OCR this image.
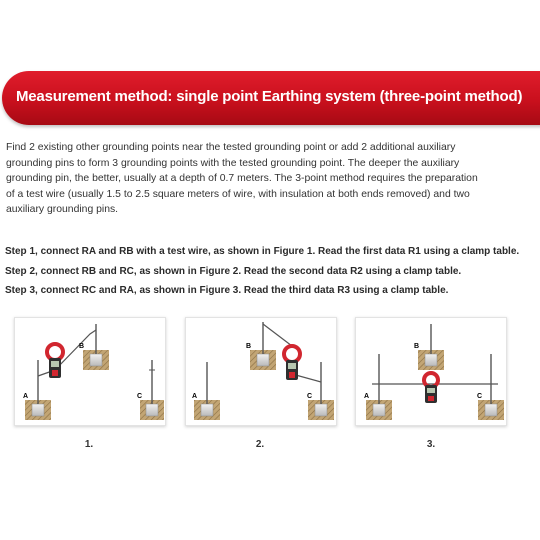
Measurement method: single point Earthing system (three-point method)
Find 2 existing other grounding points near the tested grounding point or add 2 additional auxiliary
grounding pins to form 3 grounding points with the tested grounding point. The deeper the auxiliary
grounding pin, the better, usually at a depth of 0.7 meters. The 3-point method requires the preparation
of a test wire (usually 1.5 to 2.5 square meters of wire, with insulation at both ends removed) and two
auxiliary grounding pins.
Step 1, connect RA and RB with a test wire, as shown in Figure 1. Read the first data R1 using a clamp table.
Step 2, connect RB and RC, as shown in Figure 2. Read the second data R2 using a clamp table.
Step 3, connect RC and RA, as shown in Figure 3. Read the third data R3 using a clamp table.
A
B
C	A
B
C	A
B
C
1.	2.	3.
